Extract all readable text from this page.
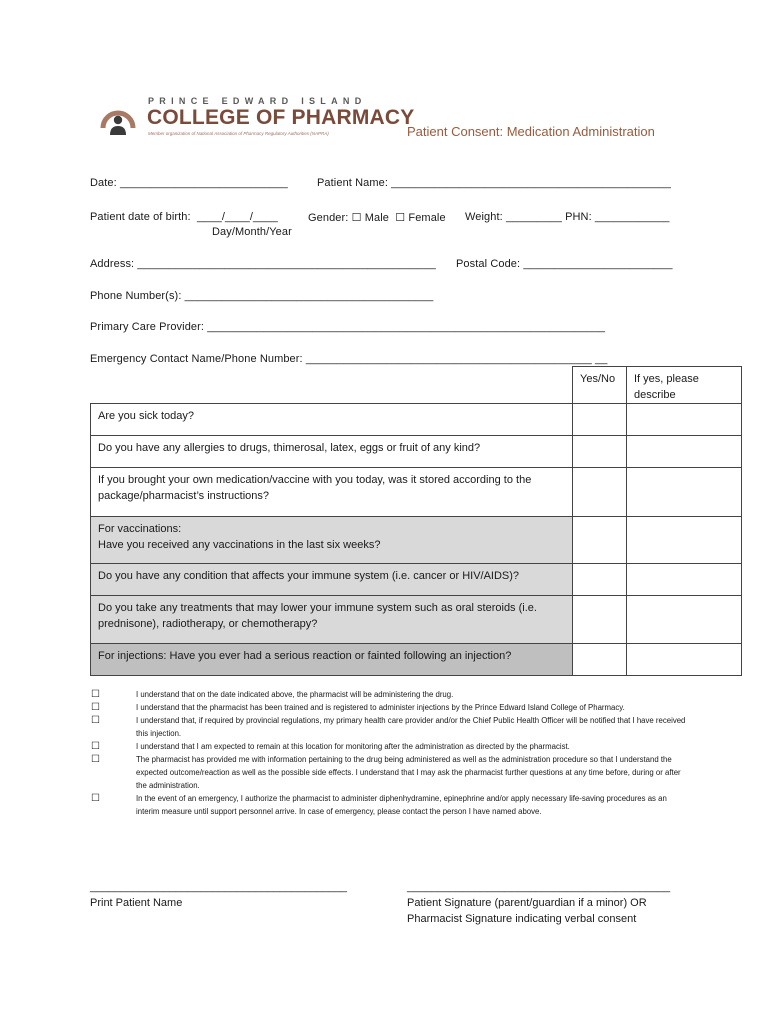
PRINCE EDWARD ISLAND
COLLEGE OF PHARMACY
Member organization of National Association of Pharmacy Regulatory Authorities (NAPRA)	Patient Consent: Medication Administration
Date: ___________________________	Patient Name: _____________________________________________
Patient date of birth:  ____/____/____
Day/Month/Year
Gender: ☐ Male  ☐ Female Weight: _________ PHN: ____________
Address: ________________________________________________ Postal Code: ________________________
Phone Number(s): ________________________________________
Primary Care Provider: ________________________________________________________________
Emergency Contact Name/Phone Number: ______________________________________________ __
	Yes/No	If yes, please describe
Are you sick today?		
Do you have any allergies to drugs, thimerosal, latex, eggs or fruit of any kind?		
If you brought your own medication/vaccine with you today, was it stored according to the package/pharmacist’s instructions?		

For vaccinations:
Have you received any vaccinations in the last six weeks?		

Do you have any condition that affects your immune system (i.e. cancer or HIV/AIDS)?		
Do you take any treatments that may lower your immune system such as oral steroids (i.e. prednisone), radiotherapy, or chemotherapy?		
For injections: Have you ever had a serious reaction or fainted following an injection?		
☐	I understand that on the date indicated above, the pharmacist will be administering the drug.
☐	I understand that the pharmacist has been trained and is registered to administer injections by the Prince Edward Island College of Pharmacy.
☐	I understand that, if required by provincial regulations, my primary health care provider and/or the Chief Public Health Officer will be notified that I have received this injection.
☐	I understand that I am expected to remain at this location for monitoring after the administration as directed by the pharmacist.
☐	The pharmacist has provided me with information pertaining to the drug being administered as well as the administration procedure so that I understand the expected outcome/reaction as well as the possible side effects. I understand that I may ask the pharmacist further questions at any time before, during or after the administration.
☐	In the event of an emergency, I authorize the pharmacist to administer diphenhydramine, epinephrine and/or apply necessary life-saving procedures as an interim measure until support personnel arrive. In case of emergency, please contact the person I have named above.
__________________________________________
Print Patient Name
___________________________________________
Patient Signature (parent/guardian if a minor) OR
Pharmacist Signature indicating verbal consent
